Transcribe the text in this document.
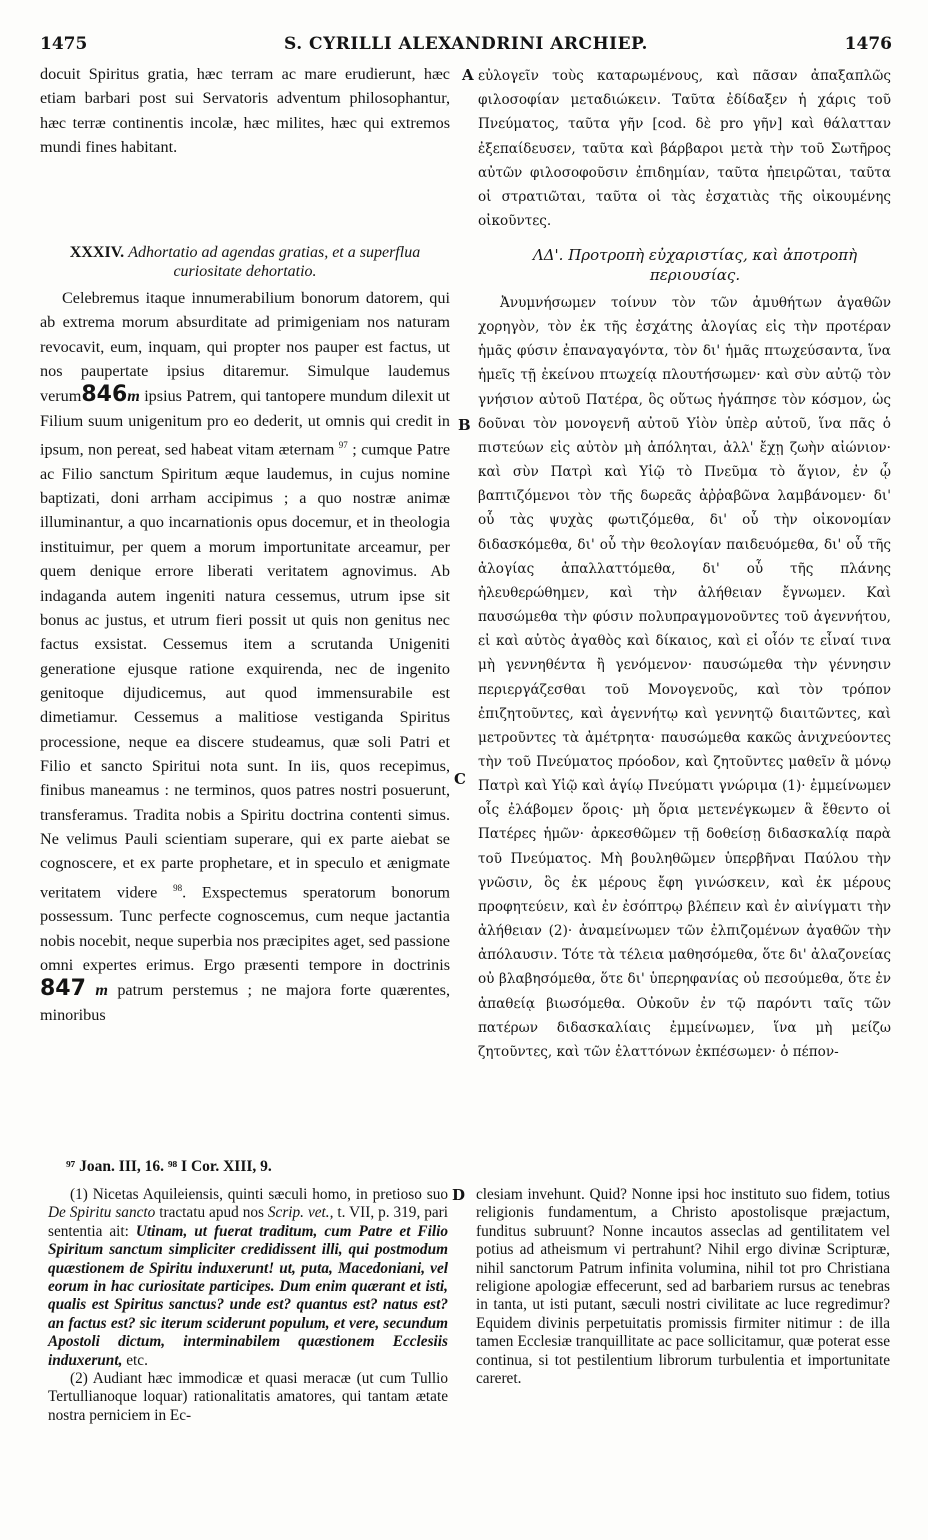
1475	S. CYRILLI ALEXANDRINI ARCHIEP.	1476

docuit Spiritus gratia, hæc terram ac mare erudierunt, hæc etiam barbari post sui Servatoris adventum philosophantur, hæc terræ continentis incolæ, hæc milites, hæc qui extremos mundi fines habitant.

εὐλογεῖν τοὺς καταρωμένους, καὶ πᾶσαν ἀπαξαπλῶς φιλοσοφίαν μεταδιώκειν. Ταῦτα ἐδίδαξεν ἡ χάρις τοῦ Πνεύματος, ταῦτα γῆν [cod. δὲ pro γῆν] καὶ θάλατταν ἐξεπαίδευσεν, ταῦτα καὶ βάρβαροι μετὰ τὴν τοῦ Σωτῆρος αὐτῶν φιλοσοφοῦσιν ἐπιδημίαν, ταῦτα ἠπειρῶται, ταῦτα οἱ στρατιῶται, ταῦτα οἱ τὰς ἐσχατιὰς τῆς οἰκουμένης οἰκοῦντες.

A
B
C
D
XXXIV. Adhortatio ad agendas gratias, et a superflua curiositate dehortatio.
ΛΔ'. Προτροπὴ εὐχαριστίας, καὶ ἀποτροπὴ περιουσίας.

Celebremus itaque innumerabilium bonorum datorem, qui ab extrema morum absurditate ad primigeniam nos naturam revocavit, eum, inquam, qui propter nos pauper est factus, ut nos paupertate ipsius ditaremur. Simulque laudemus verum846m ipsius Patrem, qui tantopere mundum dilexit ut Filium suum unigenitum pro eo dederit, ut omnis qui credit in ipsum, non pereat, sed habeat vitam æternam $^{97}$ ; cumque Patre ac Filio sanctum Spiritum æque laudemus, in cujus nomine baptizati, doni arrham accipimus ; a quo nostræ animæ illuminantur, a quo incarnationis opus docemur, et in theologia instituimur, per quem a morum importunitate arceamur, per quem denique errore liberati veritatem agnovimus. Ab indaganda autem ingeniti natura cessemus, utrum ipse sit bonus ac justus, et utrum fieri possit ut quis non genitus nec factus exsistat. Cessemus item a scrutanda Unigeniti generatione ejusque ratione exquirenda, nec de ingenito genitoque dijudicemus, aut quod immensurabile est dimetiamur. Cessemus a malitiose vestiganda Spiritus processione, neque ea discere studeamus, quæ soli Patri et Filio et sancto Spiritui nota sunt. In iis, quos recepimus, finibus maneamus : ne terminos, quos patres nostri posuerunt, transferamus. Tradita nobis a Spiritu doctrina contenti simus. Ne velimus Pauli scientiam superare, qui ex parte aiebat se cognoscere, et ex parte prophetare, et in speculo et ænigmate veritatem videre $^{98}$. Exspectemus speratorum bonorum possessum. Tunc perfecte cognoscemus, cum neque jactantia nobis nocebit, neque superbia nos præcipites aget, sed passione omni expertes erimus. Ergo præsenti tempore in doctrinis 847 m patrum perstemus ; ne majora forte quærentes, minoribus

Ἀνυμνήσωμεν τοίνυν τὸν τῶν ἀμυθήτων ἀγαθῶν χορηγὸν, τὸν ἐκ τῆς ἐσχάτης ἀλογίας εἰς τὴν προτέραν ἡμᾶς φύσιν ἐπαναγαγόντα, τὸν δι' ἡμᾶς πτωχεύσαντα, ἵνα ἡμεῖς τῇ ἐκείνου πτωχείᾳ πλουτήσωμεν· καὶ σὺν αὐτῷ τὸν γνήσιον αὐτοῦ Πατέρα, ὃς οὕτως ἠγάπησε τὸν κόσμον, ὡς δοῦναι τὸν μονογενῆ αὐτοῦ Υἱὸν ὑπὲρ αὐτοῦ, ἵνα πᾶς ὁ πιστεύων εἰς αὐτὸν μὴ ἀπόληται, ἀλλ' ἔχῃ ζωὴν αἰώνιον· καὶ σὺν Πατρὶ καὶ Υἱῷ τὸ Πνεῦμα τὸ ἅγιον, ἐν ᾧ βαπτιζόμενοι τὸν τῆς δωρεᾶς ἀῤῥαβῶνα λαμβάνομεν· δι' οὗ τὰς ψυχὰς φωτιζόμεθα, δι' οὗ τὴν οἰκονομίαν διδασκόμεθα, δι' οὗ τὴν θεολογίαν παιδευόμεθα, δι' οὗ τῆς ἀλογίας ἀπαλλαττόμεθα, δι' οὗ τῆς πλάνης ἠλευθερώθημεν, καὶ τὴν ἀλήθειαν ἔγνωμεν. Καὶ παυσώμεθα τὴν φύσιν πολυπραγμονοῦντες τοῦ ἀγεννήτου, εἰ καὶ αὐτὸς ἀγαθὸς καὶ δίκαιος, καὶ εἰ οἷόν τε εἶναί τινα μὴ γεννηθέντα ἢ γενόμενον· παυσώμεθα τὴν γέννησιν περιεργάζεσθαι τοῦ Μονογενοῦς, καὶ τὸν τρόπον ἐπιζητοῦντες, καὶ ἀγεννήτῳ καὶ γεννητῷ διαιτῶντες, καὶ μετροῦντες τὰ ἀμέτρητα· παυσώμεθα κακῶς ἀνιχνεύοντες τὴν τοῦ Πνεύματος πρόοδον, καὶ ζητοῦντες μαθεῖν ἃ μόνῳ Πατρὶ καὶ Υἱῷ καὶ ἁγίῳ Πνεύματι γνώριμα (1)· ἐμμείνωμεν οἷς ἐλάβομεν ὅροις· μὴ ὅρια μετενέγκωμεν ἃ ἔθεντο οἱ Πατέρες ἡμῶν· ἀρκεσθῶμεν τῇ δοθείσῃ διδασκαλίᾳ παρὰ τοῦ Πνεύματος. Μὴ βουληθῶμεν ὑπερβῆναι Παύλου τὴν γνῶσιν, ὃς ἐκ μέρους ἔφη γινώσκειν, καὶ ἐκ μέρους προφητεύειν, καὶ ἐν ἐσόπτρῳ βλέπειν καὶ ἐν αἰνίγματι τὴν ἀλήθειαν (2)· ἀναμείνωμεν τῶν ἐλπιζομένων ἀγαθῶν τὴν ἀπόλαυσιν. Τότε τὰ τέλεια μαθησόμεθα, ὅτε δι' ἀλαζονείας οὐ βλαβησόμεθα, ὅτε δι' ὑπερηφανίας οὐ πεσούμεθα, ὅτε ἐν ἀπαθείᾳ βιωσόμεθα. Οὐκοῦν ἐν τῷ παρόντι ταῖς τῶν πατέρων διδασκαλίαις ἐμμείνωμεν, ἵνα μὴ μείζω ζητοῦντες, καὶ τῶν ἐλαττόνων ἐκπέσωμεν· ὁ πέπον-

⁹⁷ Joan. III, 16. ⁹⁸ I Cor. XIII, 9.

(1) Nicetas Aquileiensis, quinti sæculi homo, in pretioso suo De Spiritu sancto tractatu apud nos Scrip. vet., t. VII, p. 319, pari sententia ait: Utinam, ut fuerat traditum, cum Patre et Filio Spiritum sanctum simpliciter credidissent illi, qui postmodum quæstionem de Spiritu induxerunt! ut, puta, Macedoniani, vel eorum in hac curiositate participes. Dum enim quærant et isti, qualis est Spiritus sanctus? unde est? quantus est? natus est? an factus est? sic iterum sciderunt populum, et vere, secundum Apostoli dictum, interminabilem quæstionem Ecclesiis induxerunt, etc.

(2) Audiant hæc immodicæ et quasi meracæ (ut cum Tullio Tertullianoque loquar) rationalitatis amatores, qui tantam ætate nostra perniciem in Ec-

clesiam invehunt. Quid? Nonne ipsi hoc instituto suo fidem, totius religionis fundamentum, a Christo apostolisque præjactum, funditus subruunt? Nonne incautos asseclas ad gentilitatem vel potius ad atheismum vi pertrahunt? Nihil ergo divinæ Scripturæ, nihil sanctorum Patrum infinita volumina, nihil tot pro Christiana religione apologiæ effecerunt, sed ad barbariem rursus ac tenebras in tanta, ut isti putant, sæculi nostri civilitate ac luce regredimur? Equidem divinis perpetuitatis promissis firmiter nitimur : de illa tamen Ecclesiæ tranquillitate ac pace sollicitamur, quæ poterat esse continua, si tot pestilentium librorum turbulentia et importunitate careret.
